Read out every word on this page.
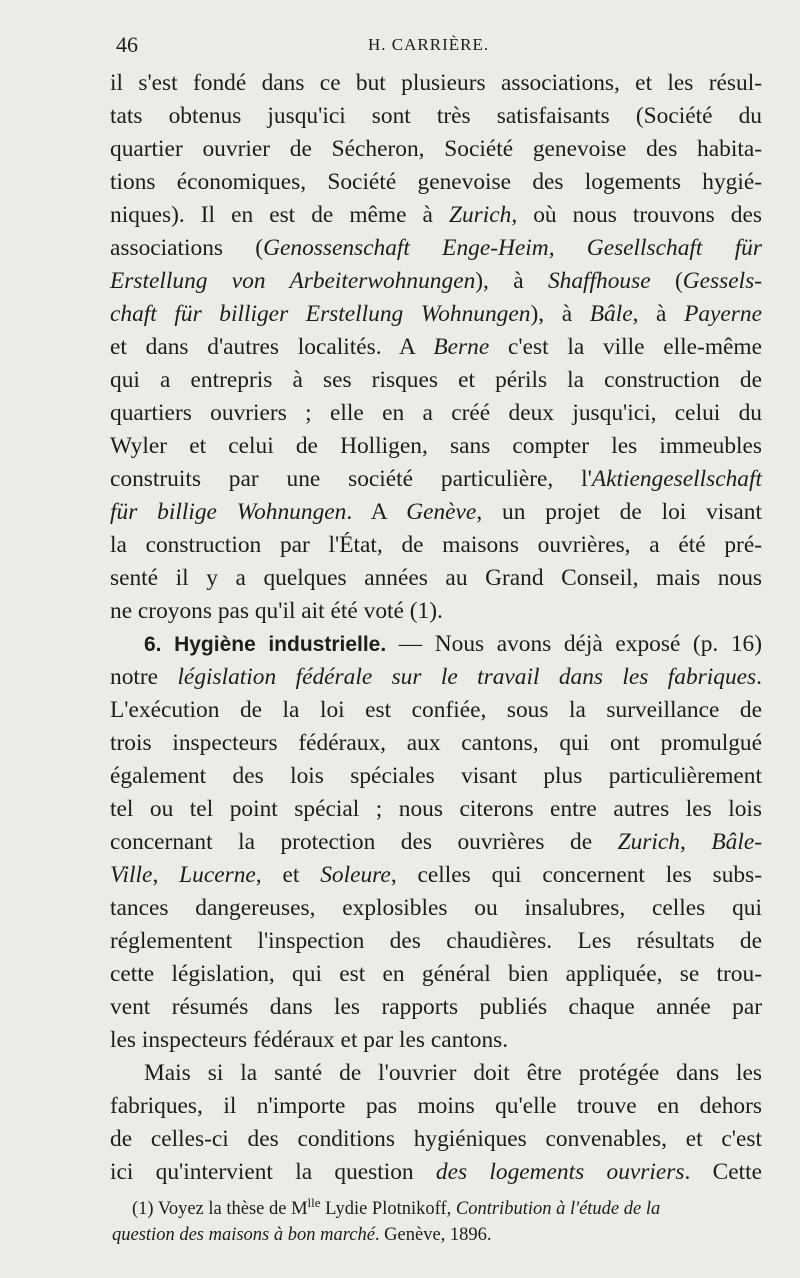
46	H. CARRIÈRE.
il s'est fondé dans ce but plusieurs associations, et les résul-
tats obtenus jusqu'ici sont très satisfaisants (Société du
quartier ouvrier de Sécheron, Société genevoise des habita-
tions économiques, Société genevoise des logements hygié-
niques). Il en est de même à Zurich, où nous trouvons des
associations (Genossenschaft Enge-Heim, Gesellschaft für
Erstellung von Arbeiterwohnungen), à Shaffhouse (Gessels-
chaft für billiger Erstellung Wohnungen), à Bâle, à Payerne
et dans d'autres localités. A Berne c'est la ville elle-même
qui a entrepris à ses risques et périls la construction de
quartiers ouvriers ; elle en a créé deux jusqu'ici, celui du
Wyler et celui de Holligen, sans compter les immeubles
construits par une société particulière, l'Aktiengesellschaft
für billige Wohnungen. A Genève, un projet de loi visant
la construction par l'État, de maisons ouvrières, a été pré-
senté il y a quelques années au Grand Conseil, mais nous
ne croyons pas qu'il ait été voté (1).
6. Hygiène industrielle. — Nous avons déjà exposé (p. 16)
notre législation fédérale sur le travail dans les fabriques.
L'exécution de la loi est confiée, sous la surveillance de
trois inspecteurs fédéraux, aux cantons, qui ont promulgué
également des lois spéciales visant plus particulièrement
tel ou tel point spécial ; nous citerons entre autres les lois
concernant la protection des ouvrières de Zurich, Bâle-
Ville, Lucerne, et Soleure, celles qui concernent les subs-
tances dangereuses, explosibles ou insalubres, celles qui
réglementent l'inspection des chaudières. Les résultats de
cette législation, qui est en général bien appliquée, se trou-
vent résumés dans les rapports publiés chaque année par
les inspecteurs fédéraux et par les cantons.
Mais si la santé de l'ouvrier doit être protégée dans les
fabriques, il n'importe pas moins qu'elle trouve en dehors
de celles-ci des conditions hygiéniques convenables, et c'est
ici qu'intervient la question des logements ouvriers. Cette
(1) Voyez la thèse de $M^{lle}$ Lydie Plotnikoff, Contribution à l'étude de la
question des maisons à bon marché. Genève, 1896.
